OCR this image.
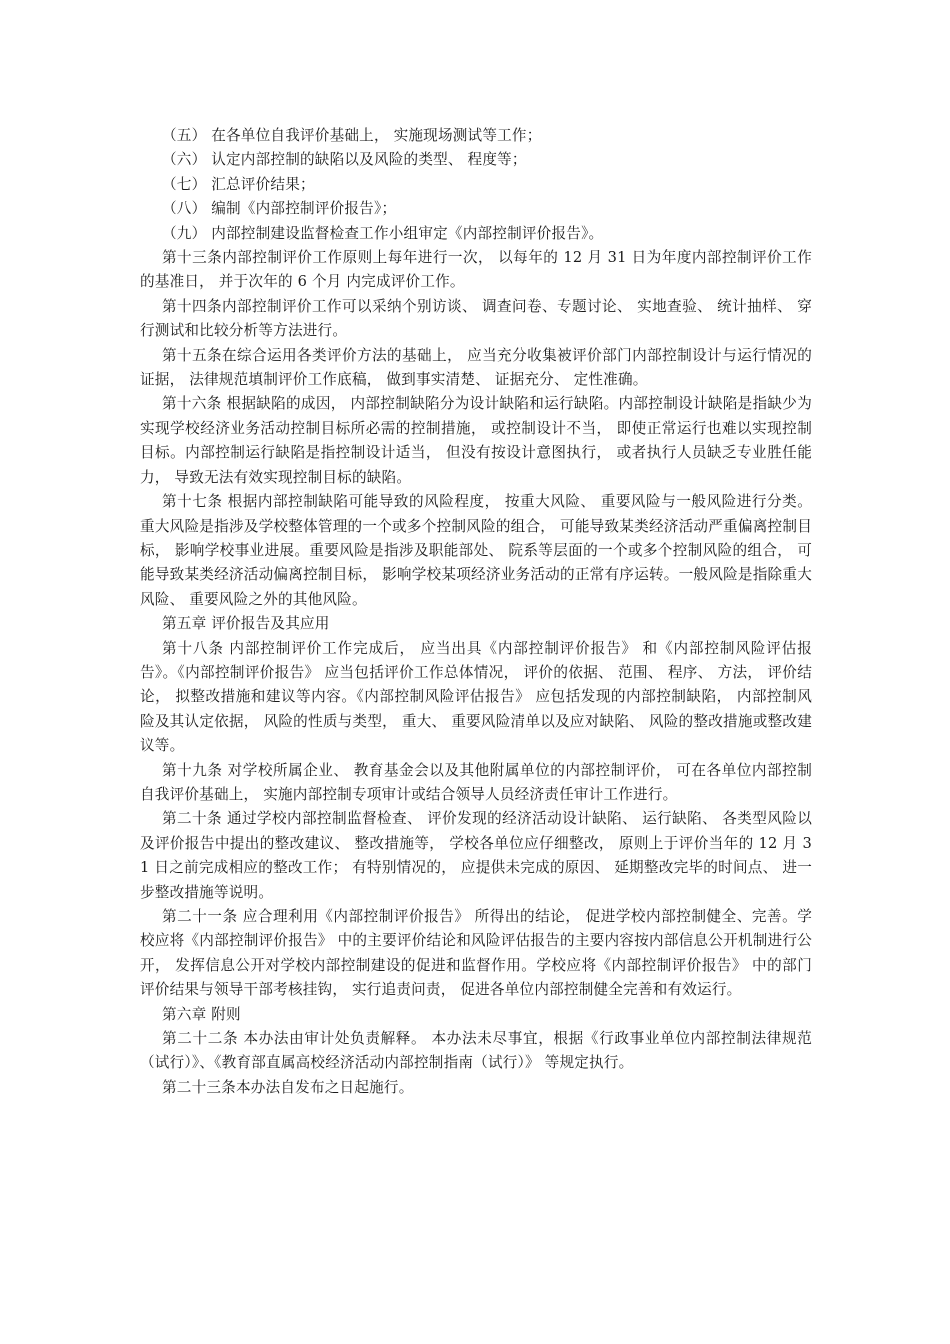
（五） 在各单位自我评价基础上， 实施现场测试等工作；

（六） 认定内部控制的缺陷以及风险的类型、 程度等；

（七） 汇总评价结果；

（八） 编制《内部控制评价报告》；

（九） 内部控制建设监督检查工作小组审定《内部控制评价报告》。

第十三条内部控制评价工作原则上每年进行一次， 以每年的 12 月 31 日为年度内部控制评价工作的基准日， 并于次年的 6 个月 内完成评价工作。

第十四条内部控制评价工作可以采纳个别访谈、 调查问卷、专题讨论、 实地查验、 统计抽样、 穿行测试和比较分析等方法进行。

第十五条在综合运用各类评价方法的基础上， 应当充分收集被评价部门内部控制设计与运行情况的证据， 法律规范填制评价工作底稿， 做到事实清楚、 证据充分、 定性准确。

第十六条 根据缺陷的成因， 内部控制缺陷分为设计缺陷和运行缺陷。内部控制设计缺陷是指缺少为实现学校经济业务活动控制目标所必需的控制措施， 或控制设计不当， 即使正常运行也难以实现控制目标。内部控制运行缺陷是指控制设计适当， 但没有按设计意图执行， 或者执行人员缺乏专业胜任能力， 导致无法有效实现控制目标的缺陷。

第十七条 根据内部控制缺陷可能导致的风险程度， 按重大风险、 重要风险与一般风险进行分类。重大风险是指涉及学校整体管理的一个或多个控制风险的组合， 可能导致某类经济活动严重偏离控制目标， 影响学校事业进展。重要风险是指涉及职能部处、 院系等层面的一个或多个控制风险的组合， 可能导致某类经济活动偏离控制目标， 影响学校某项经济业务活动的正常有序运转。一般风险是指除重大风险、 重要风险之外的其他风险。

第五章 评价报告及其应用

第十八条 内部控制评价工作完成后， 应当出具《内部控制评价报告》 和《内部控制风险评估报告》。《内部控制评价报告》 应当包括评价工作总体情况， 评价的依据、 范围、 程序、 方法， 评价结论， 拟整改措施和建议等内容。《内部控制风险评估报告》 应包括发现的内部控制缺陷， 内部控制风险及其认定依据， 风险的性质与类型， 重大、 重要风险清单以及应对缺陷、 风险的整改措施或整改建议等。

第十九条 对学校所属企业、 教育基金会以及其他附属单位的内部控制评价， 可在各单位内部控制自我评价基础上， 实施内部控制专项审计或结合领导人员经济责任审计工作进行。

第二十条 通过学校内部控制监督检查、 评价发现的经济活动设计缺陷、 运行缺陷、 各类型风险以及评价报告中提出的整改建议、 整改措施等， 学校各单位应仔细整改， 原则上于评价当年的 12 月 31 日之前完成相应的整改工作； 有特别情况的， 应提供未完成的原因、 延期整改完毕的时间点、 进一步整改措施等说明。

第二十一条 应合理利用《内部控制评价报告》 所得出的结论， 促进学校内部控制健全、完善。学校应将《内部控制评价报告》 中的主要评价结论和风险评估报告的主要内容按内部信息公开机制进行公开， 发挥信息公开对学校内部控制建设的促进和监督作用。学校应将《内部控制评价报告》 中的部门评价结果与领导干部考核挂钩， 实行追责问责， 促进各单位内部控制健全完善和有效运行。

第六章 附则

第二十二条 本办法由审计处负责解释。 本办法未尽事宜，根据《行政事业单位内部控制法律规范（试行）》、《教育部直属高校经济活动内部控制指南（试行）》 等规定执行。

第二十三条本办法自发布之日起施行。
